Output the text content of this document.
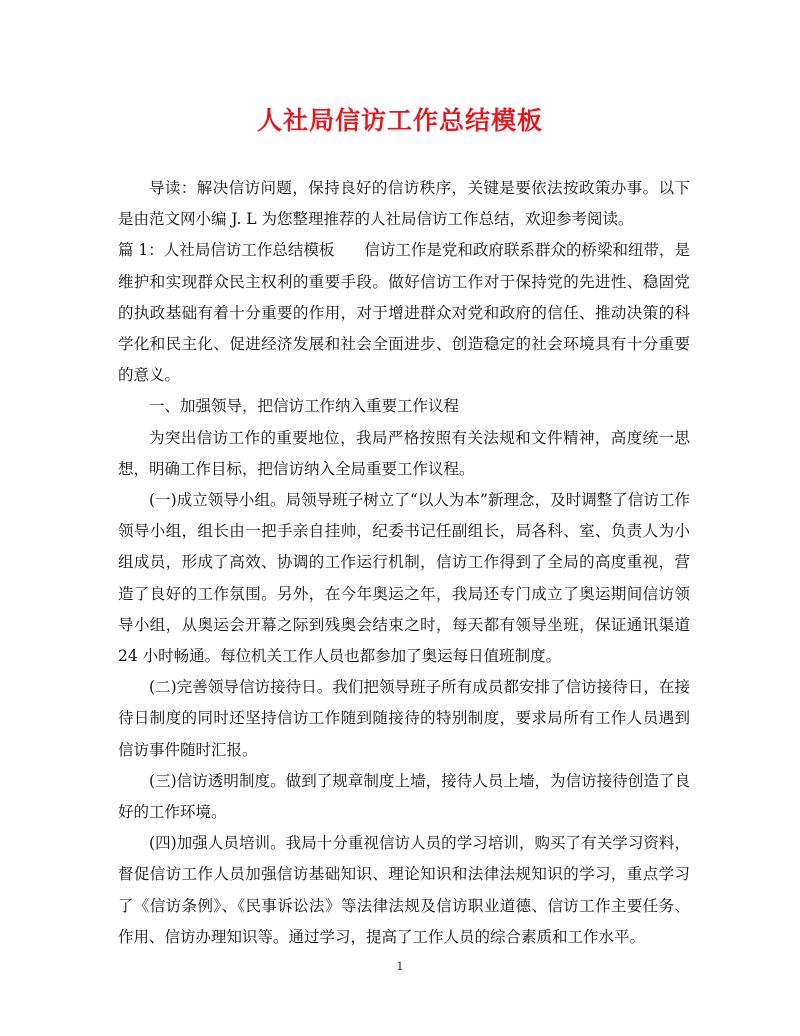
人社局信访工作总结模板

导读：解决信访问题，保持良好的信访秩序，关键是要依法按政策办事。以下是由范文网小编 J. L 为您整理推荐的人社局信访工作总结，欢迎参考阅读。

篇 1：人社局信访工作总结模板 信访工作是党和政府联系群众的桥梁和纽带，是维护和实现群众民主权利的重要手段。做好信访工作对于保持党的先进性、稳固党的执政基础有着十分重要的作用，对于增进群众对党和政府的信任、推动决策的科学化和民主化、促进经济发展和社会全面进步、创造稳定的社会环境具有十分重要的意义。

一、加强领导，把信访工作纳入重要工作议程

为突出信访工作的重要地位，我局严格按照有关法规和文件精神，高度统一思想，明确工作目标，把信访纳入全局重要工作议程。

(一)成立领导小组。局领导班子树立了“以人为本”新理念，及时调整了信访工作领导小组，组长由一把手亲自挂帅，纪委书记任副组长，局各科、室、负责人为小组成员，形成了高效、协调的工作运行机制，信访工作得到了全局的高度重视，营造了良好的工作氛围。另外，在今年奥运之年，我局还专门成立了奥运期间信访领导小组，从奥运会开幕之际到残奥会结束之时，每天都有领导坐班，保证通讯渠道 24 小时畅通。每位机关工作人员也都参加了奥运每日值班制度。

(二)完善领导信访接待日。我们把领导班子所有成员都安排了信访接待日，在接待日制度的同时还坚持信访工作随到随接待的特别制度，要求局所有工作人员遇到信访事件随时汇报。

(三)信访透明制度。做到了规章制度上墙，接待人员上墙，为信访接待创造了良好的工作环境。

(四)加强人员培训。我局十分重视信访人员的学习培训，购买了有关学习资料，督促信访工作人员加强信访基础知识、理论知识和法律法规知识的学习，重点学习了《信访条例》、《民事诉讼法》等法律法规及信访职业道德、信访工作主要任务、作用、信访办理知识等。通过学习，提高了工作人员的综合素质和工作水平。

1
